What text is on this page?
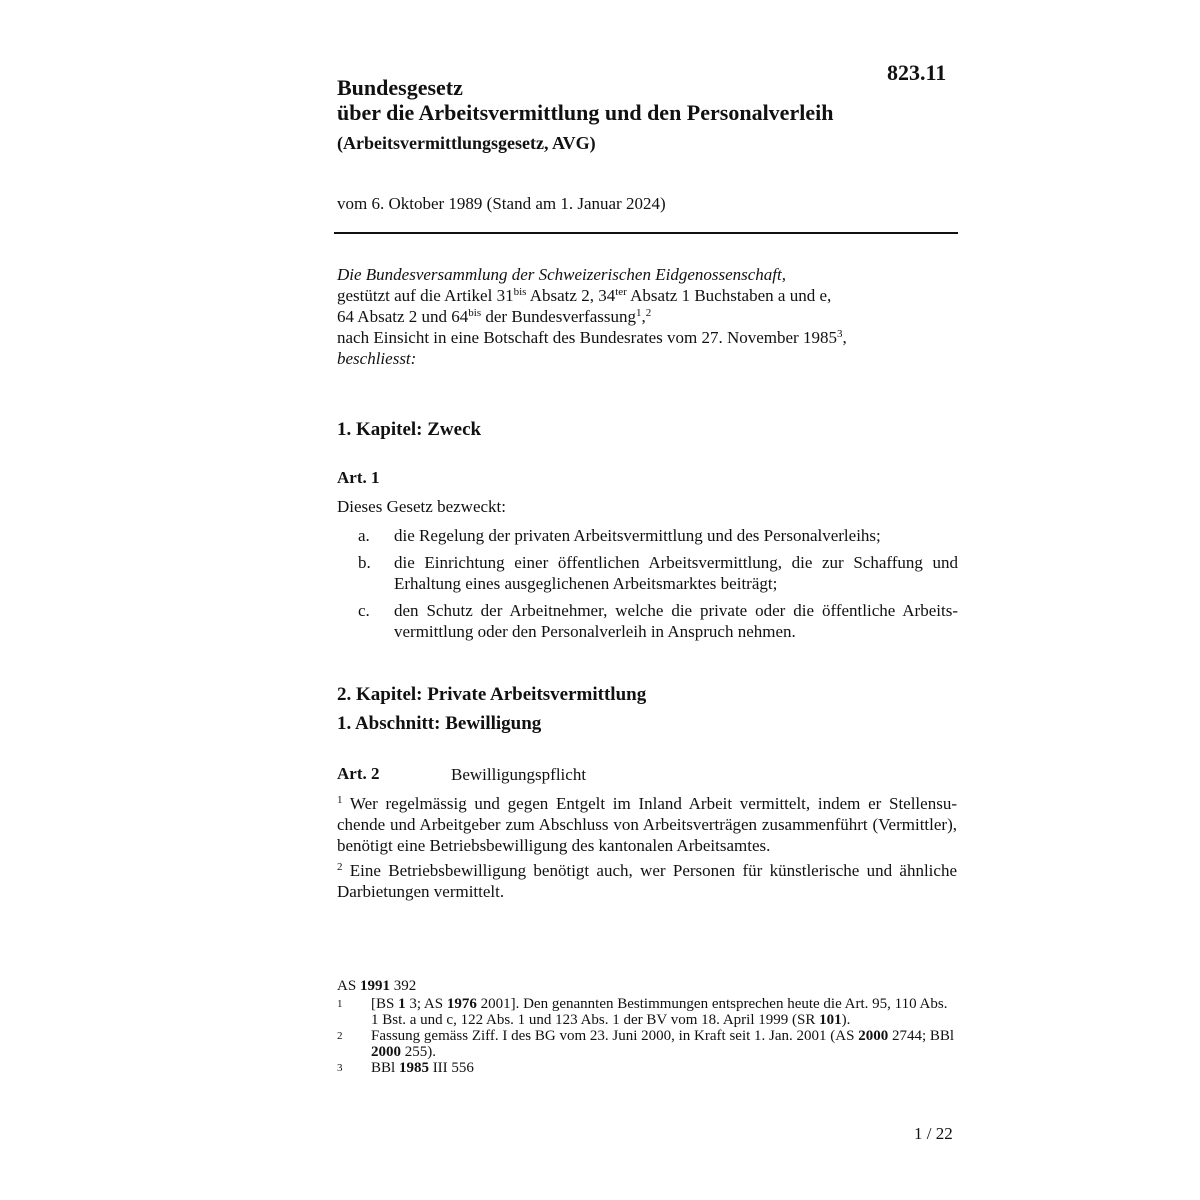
823.11
Bundesgesetz
über die Arbeitsvermittlung und den Personalverleih
(Arbeitsvermittlungsgesetz, AVG)
vom 6. Oktober 1989 (Stand am 1. Januar 2024)
Die Bundesversammlung der Schweizerischen Eidgenossenschaft,
gestützt auf die Artikel $31^{bis}$ Absatz 2, $34^{ter}$ Absatz 1 Buchstaben a und e,
64 Absatz 2 und $64^{bis}$ der Bundesverfassung$^1$,$^2$
nach Einsicht in eine Botschaft des Bundesrates vom 27. November 1985$^3$,
beschliesst:
1. Kapitel: Zweck
Art. 1
Dieses Gesetz bezweckt:
a.	die Regelung der privaten Arbeitsvermittlung und des Personalverleihs;
b.	die Einrichtung einer öffentlichen Arbeitsvermittlung, die zur Schaffung und Erhaltung eines ausgeglichenen Arbeitsmarktes beiträgt;
c.	den Schutz der Arbeitnehmer, welche die private oder die öffentliche Arbeitsvermittlung oder den Personalverleih in Anspruch nehmen.
2. Kapitel: Private Arbeitsvermittlung
1. Abschnitt: Bewilligung
Art. 2	Bewilligungspflicht
$^1$ Wer regelmässig und gegen Entgelt im Inland Arbeit vermittelt, indem er Stellensuchende und Arbeitgeber zum Abschluss von Arbeitsverträgen zusammenführt (Vermittler), benötigt eine Betriebsbewilligung des kantonalen Arbeitsamtes.
$^2$ Eine Betriebsbewilligung benötigt auch, wer Personen für künstlerische und ähnliche Darbietungen vermittelt.
AS 1991 392
1	[BS 1 3; AS 1976 2001]. Den genannten Bestimmungen entsprechen heute die Art. 95, 110 Abs. 1 Bst. a und c, 122 Abs. 1 und 123 Abs. 1 der BV vom 18. April 1999 (SR 101).
2	Fassung gemäss Ziff. I des BG vom 23. Juni 2000, in Kraft seit 1. Jan. 2001 (AS 2000 2744; BBl 2000 255).
3	BBl 1985 III 556
1 / 22
